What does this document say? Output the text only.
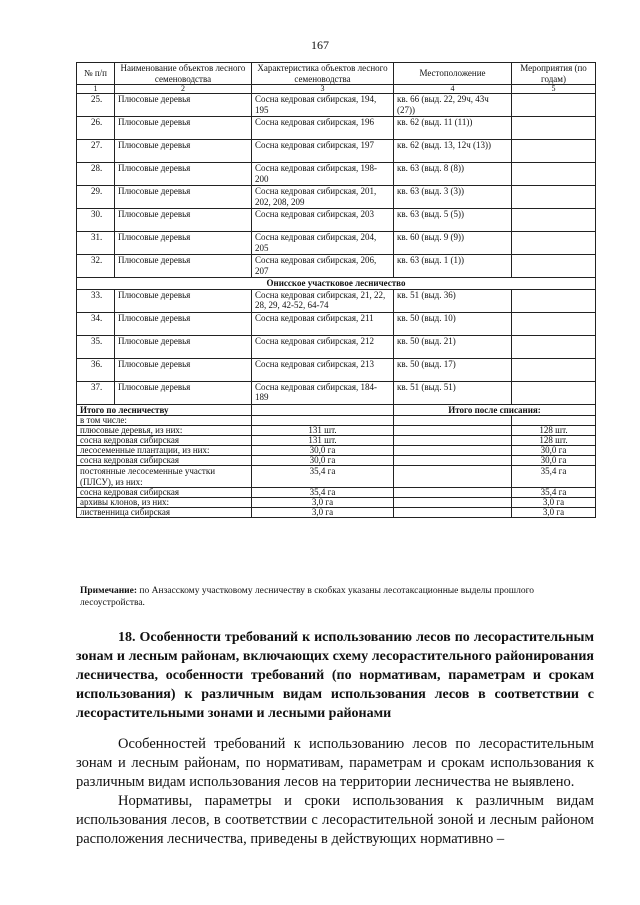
167
№ п/п	Наименование объектов лесного семеноводства	Характеристика объектов лесного семеноводства	Местоположение	Мероприятия (по годам)
1	2	3	4	5
25.	Плюсовые деревья	Сосна кедровая сибирская, 194, 195	кв. 66 (выд. 22, 29ч, 43ч (27))	
26.	Плюсовые деревья	Сосна кедровая сибирская, 196	кв. 62 (выд. 11 (11))	
27.	Плюсовые деревья	Сосна кедровая сибирская, 197	кв. 62 (выд. 13, 12ч (13))	
28.	Плюсовые деревья	Сосна кедровая сибирская, 198-200	кв. 63 (выд. 8 (8))	
29.	Плюсовые деревья	Сосна кедровая сибирская, 201, 202, 208, 209	кв. 63 (выд. 3 (3))	
30.	Плюсовые деревья	Сосна кедровая сибирская, 203	кв. 63 (выд. 5 (5))	
31.	Плюсовые деревья	Сосна кедровая сибирская, 204, 205	кв. 60 (выд. 9 (9))	
32.	Плюсовые деревья	Сосна кедровая сибирская, 206, 207	кв. 63 (выд. 1 (1))	
Онисское участковое лесничество				
33.	Плюсовые деревья	Сосна кедровая сибирская, 21, 22, 28, 29, 42-52, 64-74	кв. 51 (выд. 36)	
34.	Плюсовые деревья	Сосна кедровая сибирская, 211	кв. 50 (выд. 10)	
35.	Плюсовые деревья	Сосна кедровая сибирская, 212	кв. 50 (выд. 21)	
36.	Плюсовые деревья	Сосна кедровая сибирская, 213	кв. 50 (выд. 17)	
37.	Плюсовые деревья	Сосна кедровая сибирская, 184-189	кв. 51 (выд. 51)	
Итого по лесничеству			Итого после списания:	
в том числе:				
плюсовые деревья, из них:		131 шт.		128 шт.
сосна кедровая сибирская		131 шт.		128 шт.
лесосеменные плантации, из них:		30,0 га		30,0 га
сосна кедровая сибирская		30,0 га		30,0 га
постоянные лесосеменные участки (ПЛСУ), из них:		35,4 га		35,4 га
сосна кедровая сибирская		35,4 га		35,4 га
архивы клонов, из них:		3,0 га		3,0 га
лиственница сибирская		3,0 га		3,0 га
Примечание: по Анзасскому участковому лесничеству в скобках указаны лесотаксационные выделы прошлого лесоустройства.

18. Особенности требований к использованию лесов по лесорастительным зонам и лесным районам, включающих схему лесорастительного районирования лесничества, особенности требований (по нормативам, параметрам и срокам использования) к различным видам использования лесов в соответствии с лесорастительными зонами и лесными районами

Особенностей требований к использованию лесов по лесорастительным зонам и лесным районам, по нормативам, параметрам и срокам использования к различным видам использования лесов на территории лесничества не выявлено.

Нормативы, параметры и сроки использования к различным видам использования лесов, в соответствии с лесорастительной зоной и лесным районом расположения лесничества, приведены в действующих нормативно –
